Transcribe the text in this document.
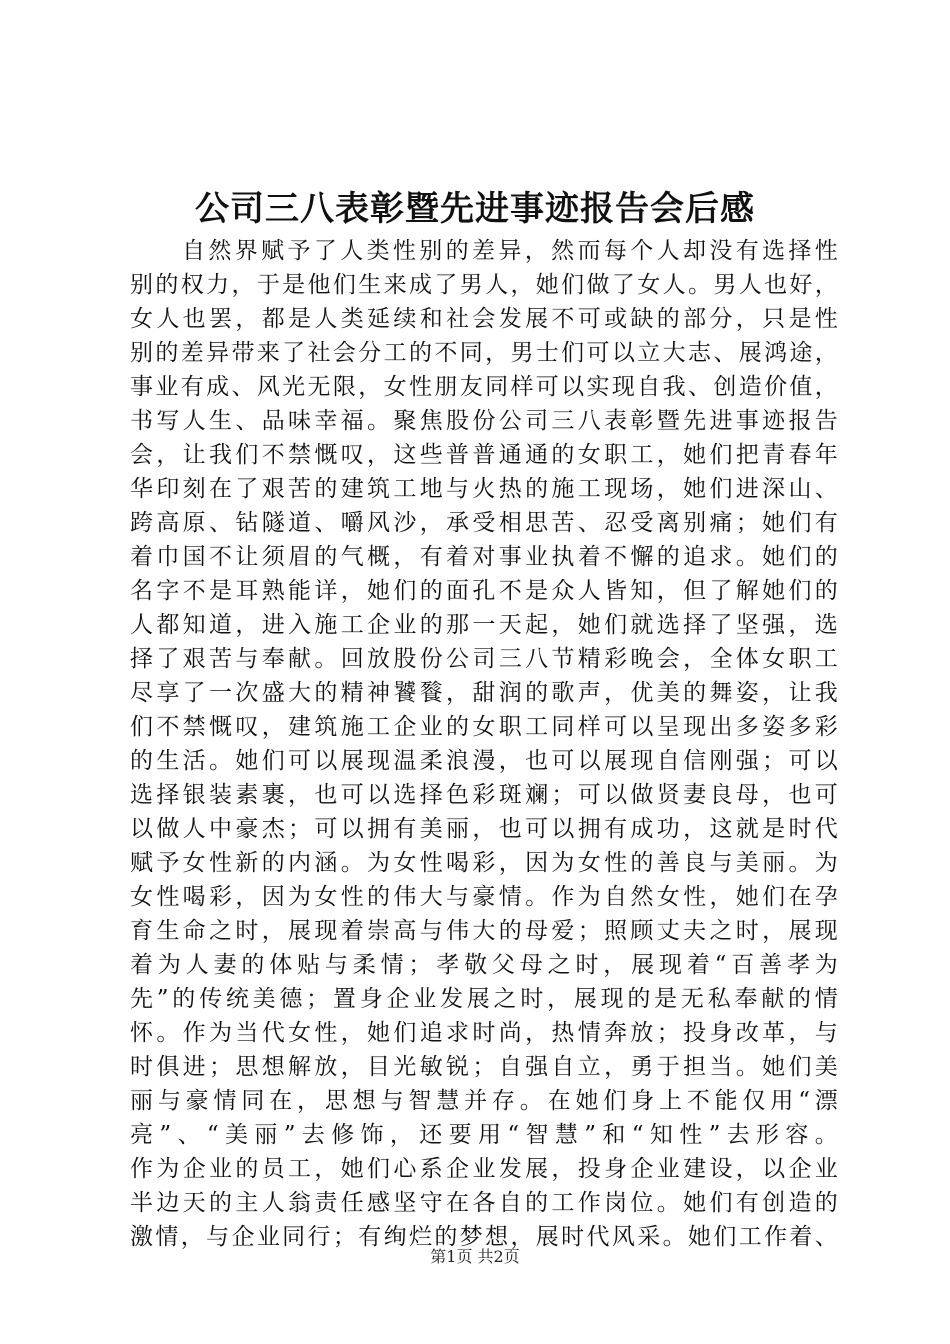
公司三八表彰暨先进事迹报告会后感
自然界赋予了人类性别的差异，然而每个人却没有选择性
别的权力，于是他们生来成了男人，她们做了女人。男人也好，
女人也罢，都是人类延续和社会发展不可或缺的部分，只是性
别的差异带来了社会分工的不同，男士们可以立大志、展鸿途，
事业有成、风光无限，女性朋友同样可以实现自我、创造价值，
书写人生、品味幸福。聚焦股份公司三八表彰暨先进事迹报告
会，让我们不禁慨叹，这些普普通通的女职工，她们把青春年
华印刻在了艰苦的建筑工地与火热的施工现场，她们进深山、
跨高原、钻隧道、嚼风沙，承受相思苦、忍受离别痛；她们有
着巾国不让须眉的气概，有着对事业执着不懈的追求。她们的
名字不是耳熟能详，她们的面孔不是众人皆知，但了解她们的
人都知道，进入施工企业的那一天起，她们就选择了坚强，选
择了艰苦与奉献。回放股份公司三八节精彩晚会，全体女职工
尽享了一次盛大的精神饕餮，甜润的歌声，优美的舞姿，让我
们不禁慨叹，建筑施工企业的女职工同样可以呈现出多姿多彩
的生活。她们可以展现温柔浪漫，也可以展现自信刚强；可以
选择银装素裹，也可以选择色彩斑斓；可以做贤妻良母，也可
以做人中豪杰；可以拥有美丽，也可以拥有成功，这就是时代
赋予女性新的内涵。为女性喝彩，因为女性的善良与美丽。为
女性喝彩，因为女性的伟大与豪情。作为自然女性，她们在孕
育生命之时，展现着崇高与伟大的母爱；照顾丈夫之时，展现
着为人妻的体贴与柔情；孝敬父母之时，展现着“百善孝为
先”的传统美德；置身企业发展之时，展现的是无私奉献的情
怀。作为当代女性，她们追求时尚，热情奔放；投身改革，与
时俱进；思想解放，目光敏锐；自强自立，勇于担当。她们美
丽与豪情同在，思想与智慧并存。在她们身上不能仅用“漂
亮”、“美丽”去修饰，还要用“智慧”和“知性”去形容。
作为企业的员工，她们心系企业发展，投身企业建设，以企业
半边天的主人翁责任感坚守在各自的工作岗位。她们有创造的
激情，与企业同行；有绚烂的梦想，展时代风采。她们工作着、
第1页 共2页
